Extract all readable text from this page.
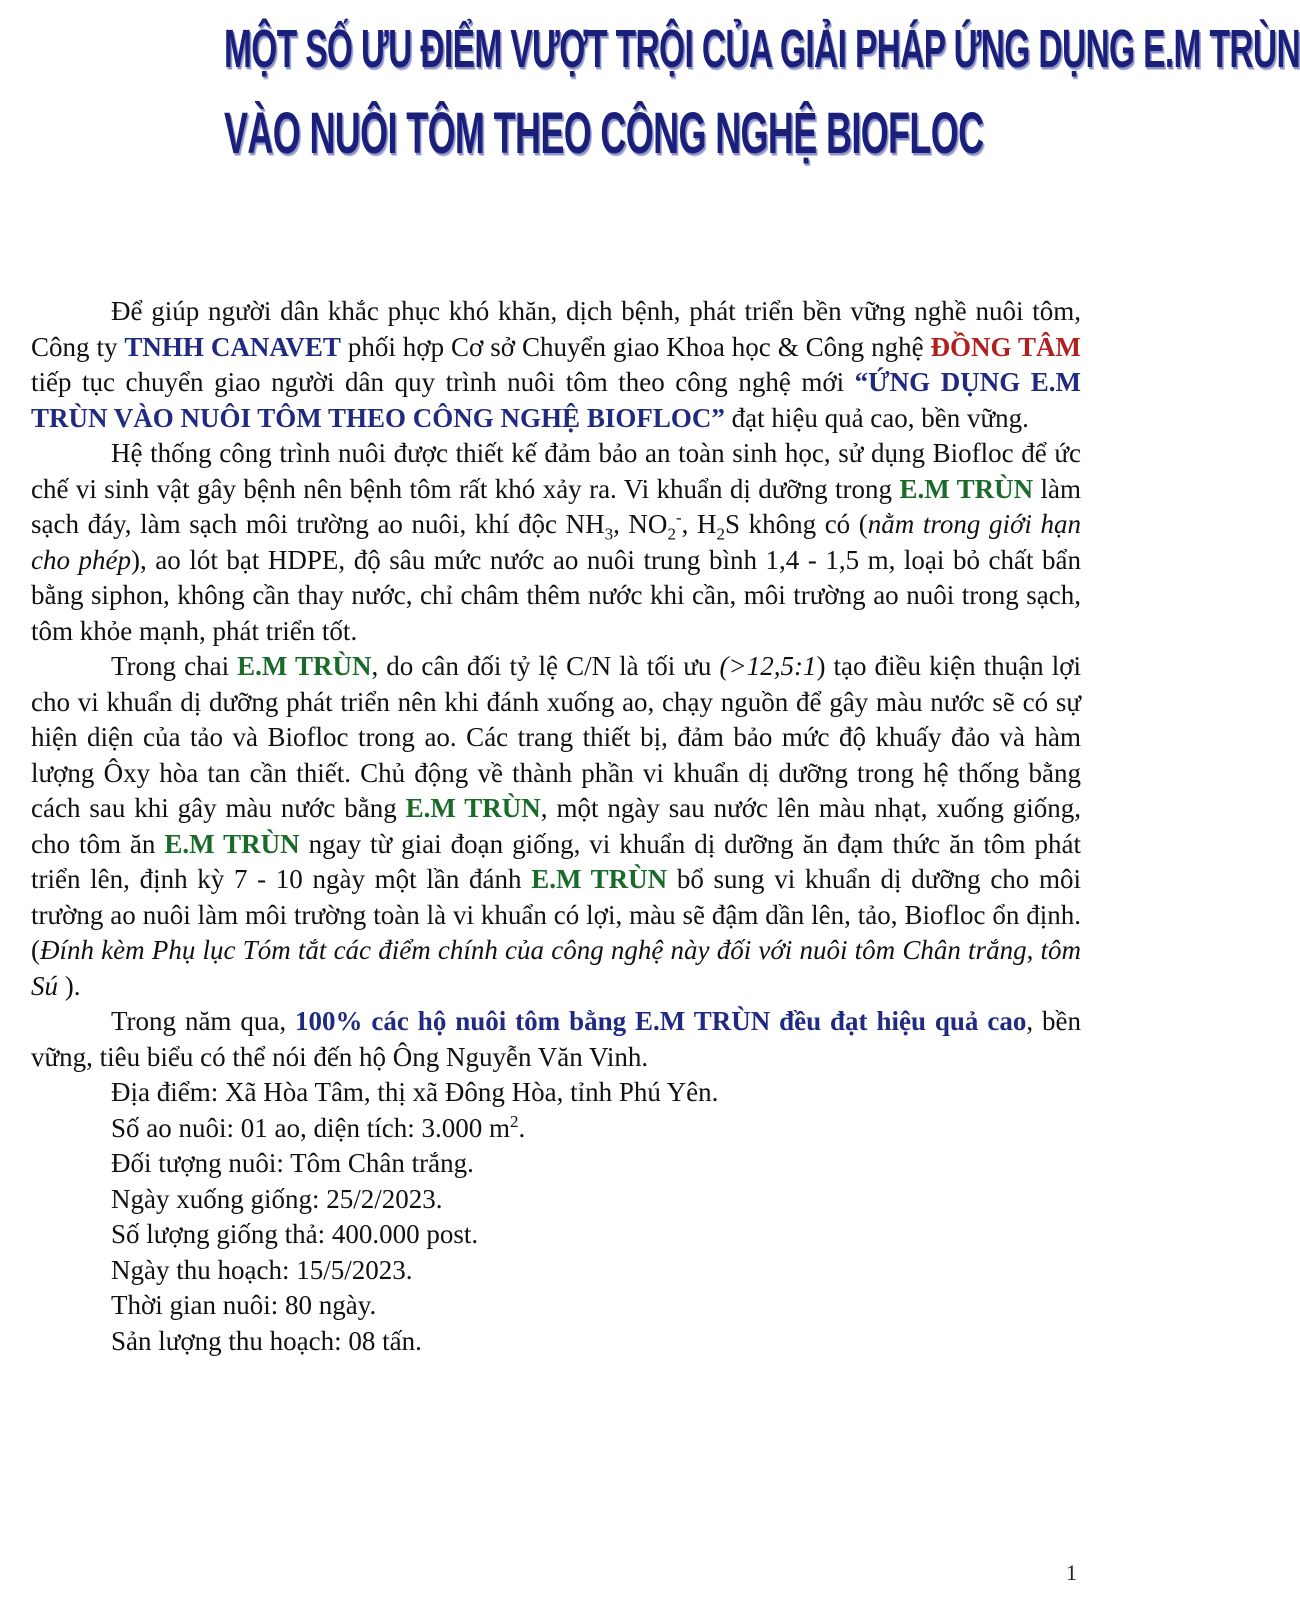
MỘT SỐ ƯU ĐIỂM VƯỢT TRỘI CỦA GIẢI PHÁP ỨNG DỤNG E.M TRÙN
VÀO NUÔI TÔM THEO CÔNG NGHỆ BIOFLOC

Để giúp người dân khắc phục khó khăn, dịch bệnh, phát triển bền vững nghề nuôi tôm, Công ty TNHH CANAVET phối hợp Cơ sở Chuyển giao Khoa học & Công nghệ ĐỒNG TÂM tiếp tục chuyển giao người dân quy trình nuôi tôm theo công nghệ mới “ỨNG DỤNG E.M TRÙN VÀO NUÔI TÔM THEO CÔNG NGHỆ BIOFLOC” đạt hiệu quả cao, bền vững.

Hệ thống công trình nuôi được thiết kế đảm bảo an toàn sinh học, sử dụng Biofloc để ức chế vi sinh vật gây bệnh nên bệnh tôm rất khó xảy ra. Vi khuẩn dị dưỡng trong E.M TRÙN làm sạch đáy, làm sạch môi trường ao nuôi, khí độc $NH_3$, $NO_2^-$, $H_2S$ không có (nằm trong giới hạn cho phép), ao lót bạt HDPE, độ sâu mức nước ao nuôi trung bình 1,4 - 1,5 m, loại bỏ chất bẩn bằng siphon, không cần thay nước, chỉ châm thêm nước khi cần, môi trường ao nuôi trong sạch, tôm khỏe mạnh, phát triển tốt.

Trong chai E.M TRÙN, do cân đối tỷ lệ C/N là tối ưu (>12,5:1) tạo điều kiện thuận lợi cho vi khuẩn dị dưỡng phát triển nên khi đánh xuống ao, chạy nguồn để gây màu nước sẽ có sự hiện diện của tảo và Biofloc trong ao. Các trang thiết bị, đảm bảo mức độ khuấy đảo và hàm lượng Ôxy hòa tan cần thiết. Chủ động về thành phần vi khuẩn dị dưỡng trong hệ thống bằng cách sau khi gây màu nước bằng E.M TRÙN, một ngày sau nước lên màu nhạt, xuống giống, cho tôm ăn E.M TRÙN ngay từ giai đoạn giống, vi khuẩn dị dưỡng ăn đạm thức ăn tôm phát triển lên, định kỳ 7 - 10 ngày một lần đánh E.M TRÙN bổ sung vi khuẩn dị dưỡng cho môi trường ao nuôi làm môi trường toàn là vi khuẩn có lợi, màu sẽ đậm dần lên, tảo, Biofloc ổn định. (Đính kèm Phụ lục Tóm tắt các điểm chính của công nghệ này đối với nuôi tôm Chân trắng, tôm Sú ).

Trong năm qua, 100% các hộ nuôi tôm bằng E.M TRÙN đều đạt hiệu quả cao, bền vững, tiêu biểu có thể nói đến hộ Ông Nguyễn Văn Vinh.

Địa điểm: Xã Hòa Tâm, thị xã Đông Hòa, tỉnh Phú Yên.

Số ao nuôi: 01 ao, diện tích: 3.000 $m^2$.

Đối tượng nuôi: Tôm Chân trắng.

Ngày xuống giống: 25/2/2023.

Số lượng giống thả: 400.000 post.

Ngày thu hoạch: 15/5/2023.

Thời gian nuôi: 80 ngày.

Sản lượng thu hoạch: 08 tấn.

1
